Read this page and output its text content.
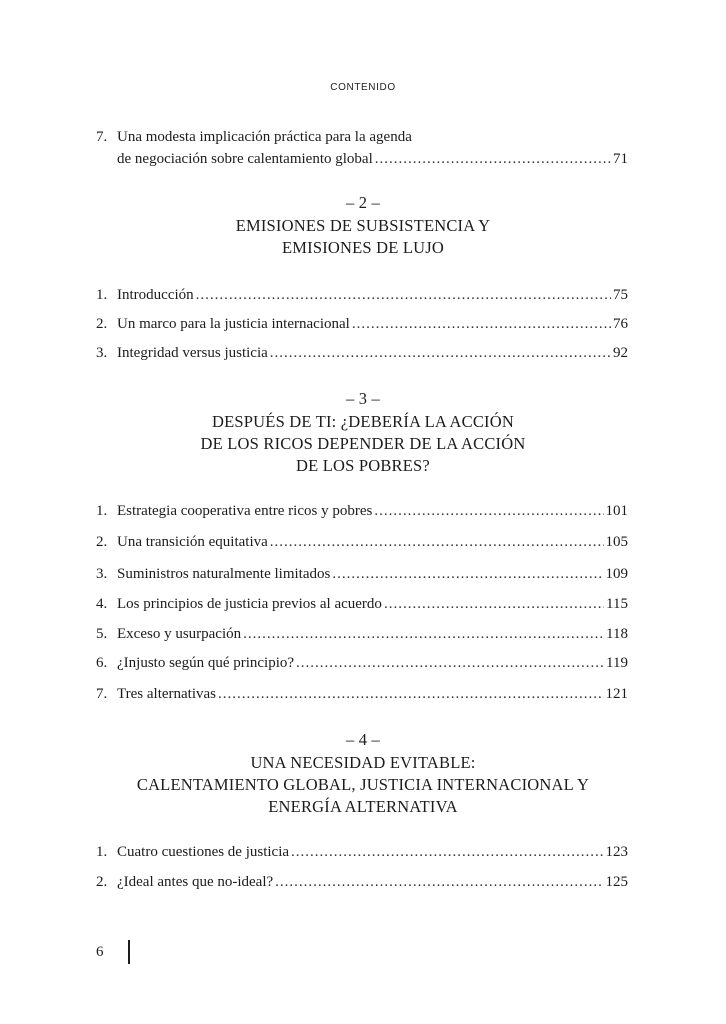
CONTENIDO
7. Una modesta implicación práctica para la agenda
de negociación sobre calentamiento global .....	71
– 2 –
EMISIONES DE SUBSISTENCIA Y
EMISIONES DE LUJO
1. Introducción .....	75
2. Un marco para la justicia internacional .....	76
3. Integridad versus justicia .....	92
– 3 –
DESPUÉS DE TI: ¿DEBERÍA LA ACCIÓN
DE LOS RICOS DEPENDER DE LA ACCIÓN
DE LOS POBRES?
1. Estrategia cooperativa entre ricos y pobres .....	101
2. Una transición equitativa .....	105
3. Suministros naturalmente limitados .....	109
4. Los principios de justicia previos al acuerdo .....	115
5. Exceso y usurpación .....	118
6. ¿Injusto según qué principio? .....	119
7. Tres alternativas .....	121
– 4 –
UNA NECESIDAD EVITABLE:
CALENTAMIENTO GLOBAL, JUSTICIA INTERNACIONAL Y
ENERGÍA ALTERNATIVA
1. Cuatro cuestiones de justicia .....	123
2. ¿Ideal antes que no-ideal? .....	125
6
